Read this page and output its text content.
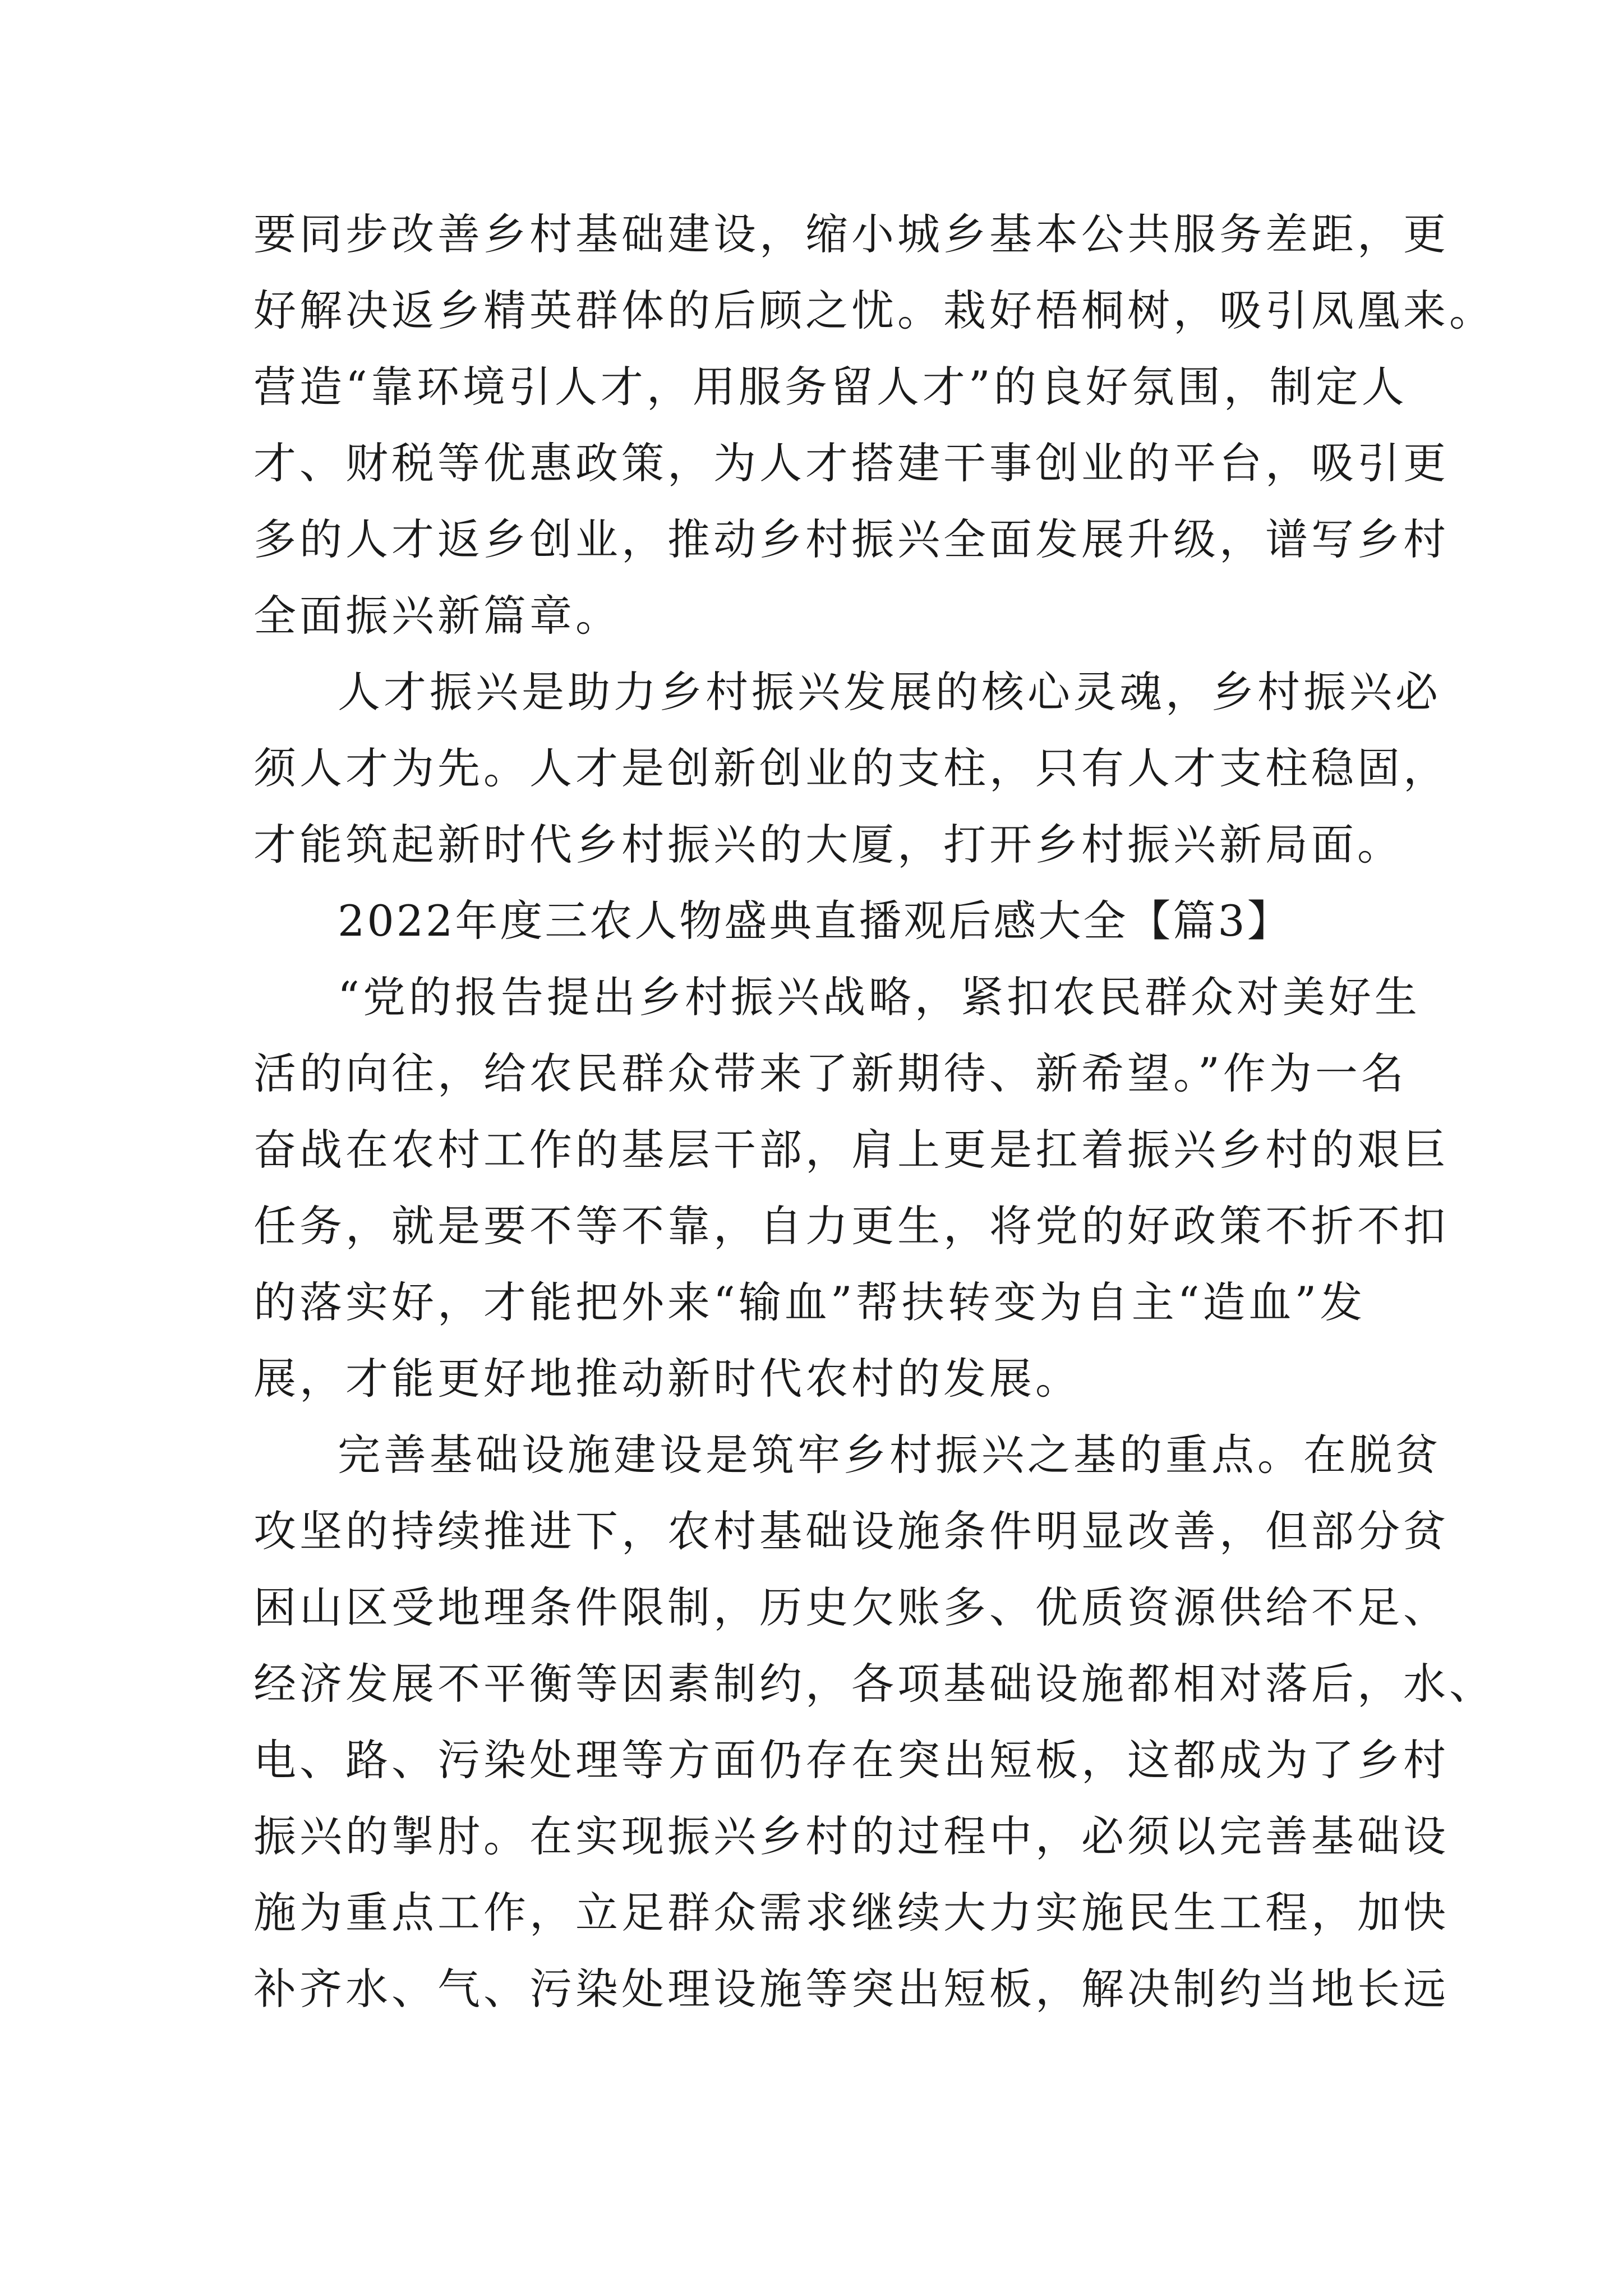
要同步改善乡村基础建设，缩小城乡基本公共服务差距，更
好解决返乡精英群体的后顾之忧。栽好梧桐树，吸引凤凰来。
营造“靠环境引人才，用服务留人才”的良好氛围，制定人
才、财税等优惠政策，为人才搭建干事创业的平台，吸引更
多的人才返乡创业，推动乡村振兴全面发展升级，谱写乡村
全面振兴新篇章。
人才振兴是助力乡村振兴发展的核心灵魂，乡村振兴必
须人才为先。人才是创新创业的支柱，只有人才支柱稳固，
才能筑起新时代乡村振兴的大厦，打开乡村振兴新局面。
2022年度三农人物盛典直播观后感大全【篇3】
“党的报告提出乡村振兴战略，紧扣农民群众对美好生
活的向往，给农民群众带来了新期待、新希望。”作为一名
奋战在农村工作的基层干部，肩上更是扛着振兴乡村的艰巨
任务，就是要不等不靠，自力更生，将党的好政策不折不扣
的落实好，才能把外来“输血”帮扶转变为自主“造血”发
展，才能更好地推动新时代农村的发展。
完善基础设施建设是筑牢乡村振兴之基的重点。在脱贫
攻坚的持续推进下，农村基础设施条件明显改善，但部分贫
困山区受地理条件限制，历史欠账多、优质资源供给不足、
经济发展不平衡等因素制约，各项基础设施都相对落后，水、
电、路、污染处理等方面仍存在突出短板，这都成为了乡村
振兴的掣肘。在实现振兴乡村的过程中，必须以完善基础设
施为重点工作，立足群众需求继续大力实施民生工程，加快
补齐水、气、污染处理设施等突出短板，解决制约当地长远
